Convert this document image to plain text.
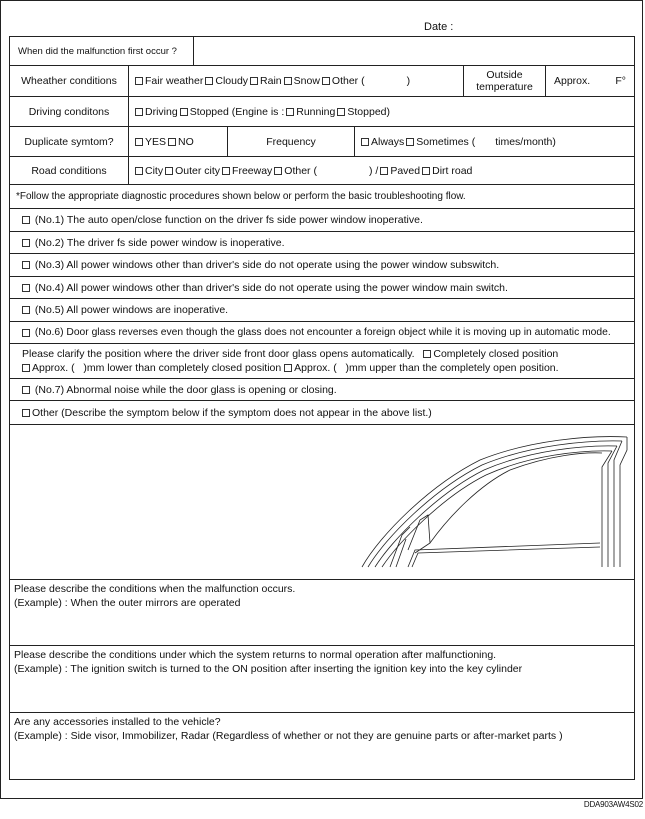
Date :
When did the malfunction first occur ?
Wheather conditions	Fair weather	Cloudy	Rain	Snow	Other (	)	Outside temperature	Approx. F°
Driving conditons	Driving	Stopped (Engine is :	Running	Stopped)
Duplicate symtom?	YES	NO	Frequency	Always	Sometimes ( times/month)
Road conditions	City	Outer city	Freeway	Other (	) /	Paved	Dirt road
*Follow the appropriate diagnostic procedures shown below or perform the basic troubleshooting flow.

(No.1) The auto open/close function on the driver fs side power window inoperative.

(No.2) The driver fs side power window is inoperative.

(No.3) All power windows other than driver's side do not operate using the power window subswitch.

(No.4) All power windows other than driver's side do not operate using the power window main switch.

(No.5) All power windows are inoperative.

(No.6) Door glass reverses even though the glass does not encounter a foreign object while it is moving up in automatic mode.
Please clarify the position where the driver side front door glass opens automatically. Completely closed position
Approx. ( )mm lower than completely closed position Approx. ( )mm upper than the completely open position.

(No.7) Abnormal noise while the door glass is opening or closing.
Other (Describe the symptom below if the symptom does not appear in the above list.)
Please describe the conditions when the malfunction occurs.
(Example) : When the outer mirrors are operated
Please describe the conditions under which the system returns to normal operation after malfunctioning.
(Example) : The ignition switch is turned to the ON position after inserting the ignition key into the key cylinder
Are any accessories installed to the vehicle?
(Example) : Side visor, Immobilizer, Radar (Regardless of whether or not they are genuine parts or after-market parts )
DDA903AW4S02
